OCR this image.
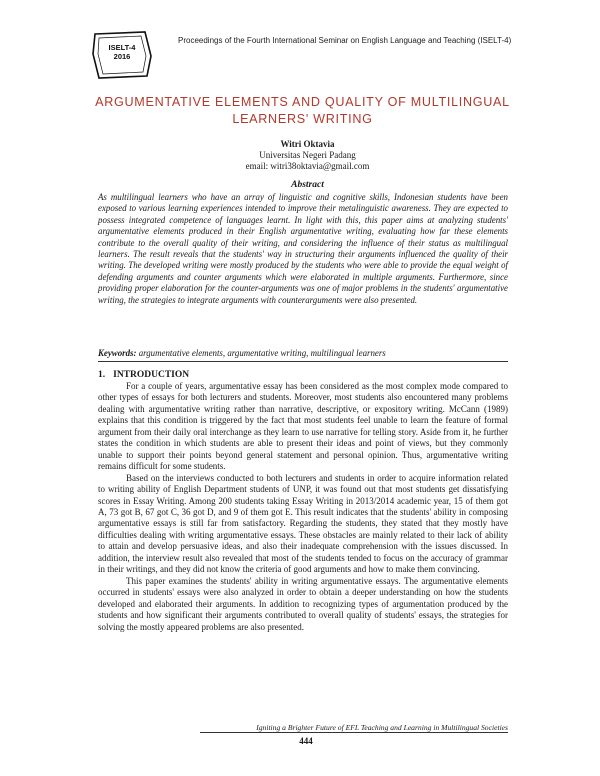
ISELT-4
2016
Proceedings of the Fourth International Seminar on English Language and Teaching (ISELT-4)
ARGUMENTATIVE ELEMENTS AND QUALITY OF MULTILINGUAL LEARNERS' WRITING
Witri Oktavia
Universitas Negeri Padang
email: witri38oktavia@gmail.com
Abstract
As multilingual learners who have an array of linguistic and cognitive skills, Indonesian students have been exposed to various learning experiences intended to improve their metalinguistic awareness. They are expected to possess integrated competence of languages learnt. In light with this, this paper aims at analyzing students' argumentative elements produced in their English argumentative writing, evaluating how far these elements contribute to the overall quality of their writing, and considering the influence of their status as multilingual learners. The result reveals that the students' way in structuring their arguments influenced the quality of their writing. The developed writing were mostly produced by the students who were able to provide the equal weight of defending arguments and counter arguments which were elaborated in multiple arguments. Furthermore, since providing proper elaboration for the counter-arguments was one of major problems in the students' argumentative writing, the strategies to integrate arguments with counterarguments were also presented.
Keywords: argumentative elements, argumentative writing, multilingual learners
1. INTRODUCTION

For a couple of years, argumentative essay has been considered as the most complex mode compared to other types of essays for both lecturers and students. Moreover, most students also encountered many problems dealing with argumentative writing rather than narrative, descriptive, or expository writing. McCann (1989) explains that this condition is triggered by the fact that most students feel unable to learn the feature of formal argument from their daily oral interchange as they learn to use narrative for telling story. Aside from it, he further states the condition in which students are able to present their ideas and point of views, but they commonly unable to support their points beyond general statement and personal opinion. Thus, argumentative writing remains difficult for some students.

Based on the interviews conducted to both lecturers and students in order to acquire information related to writing ability of English Department students of UNP, it was found out that most students get dissatisfying scores in Essay Writing. Among 200 students taking Essay Writing in 2013/2014 academic year, 15 of them got A, 73 got B, 67 got C, 36 got D, and 9 of them got E. This result indicates that the students' ability in composing argumentative essays is still far from satisfactory. Regarding the students, they stated that they mostly have difficulties dealing with writing argumentative essays. These obstacles are mainly related to their lack of ability to attain and develop persuasive ideas, and also their inadequate comprehension with the issues discussed. In addition, the interview result also revealed that most of the students tended to focus on the accuracy of grammar in their writings, and they did not know the criteria of good arguments and how to make them convincing.

This paper examines the students' ability in writing argumentative essays. The argumentative elements occurred in students' essays were also analyzed in order to obtain a deeper understanding on how the students developed and elaborated their arguments. In addition to recognizing types of argumentation produced by the students and how significant their arguments contributed to overall quality of students' essays, the strategies for solving the mostly appeared problems are also presented.

Igniting a Brighter Future of EFL Teaching and Learning in Multilingual Societies
444
